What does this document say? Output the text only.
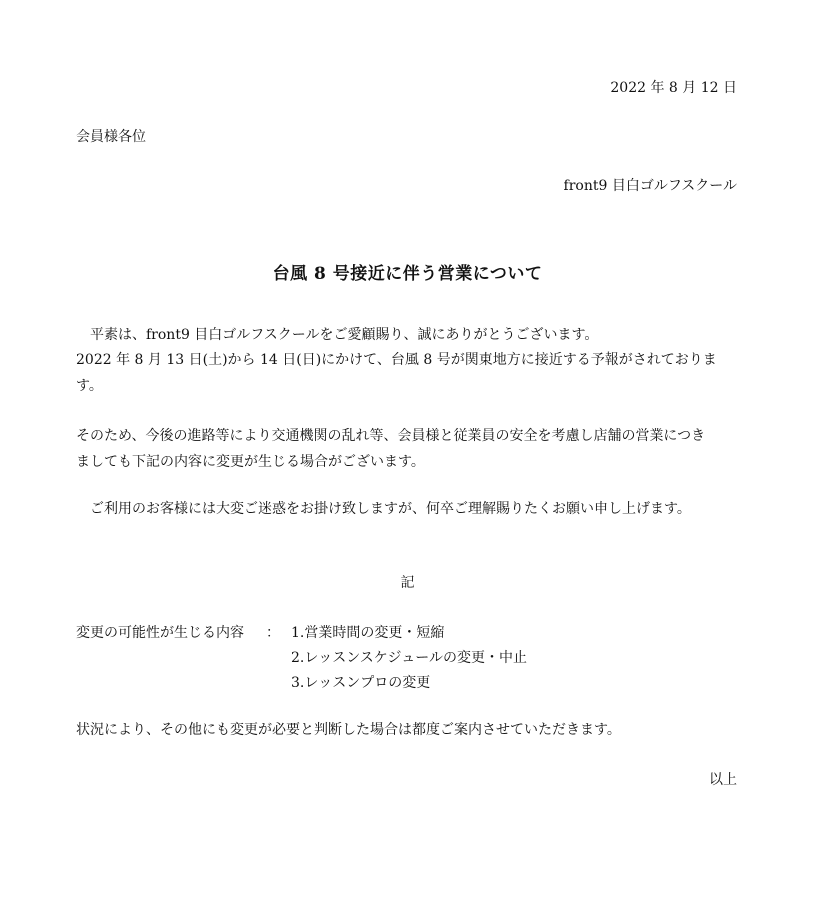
2022 年 8 月 12 日
会員様各位
front9 目白ゴルフスクール
台風 8 号接近に伴う営業について
　平素は、front9 目白ゴルフスクールをご愛顧賜り、誠にありがとうございます。
2022 年 8 月 13 日(土)から 14 日(日)にかけて、台風 8 号が関東地方に接近する予報がされておりま
す。
そのため、今後の進路等により交通機関の乱れ等、会員様と従業員の安全を考慮し店舗の営業につき
ましても下記の内容に変更が生じる場合がございます。
　ご利用のお客様には大変ご迷惑をお掛け致しますが、何卒ご理解賜りたくお願い申し上げます。
記
変更の可能性が生じる内容 ： 1.営業時間の変更・短縮
2.レッスンスケジュールの変更・中止
3.レッスンプロの変更
状況により、その他にも変更が必要と判断した場合は都度ご案内させていただきます。
以上
